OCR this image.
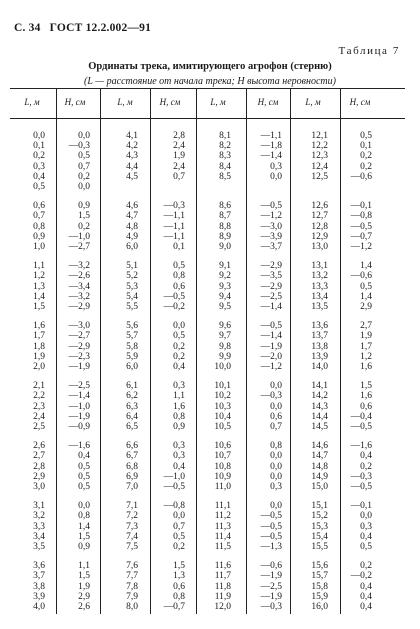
С. 34 ГОСТ 12.2.002—91
Таблица 7
Ординаты трека, имитирующего агрофон (стерню)
(L — расстояние от начала трека; H высота неровности)
L, м	H, см	L, м	H, см	L, м	H, см	L, м	H, см
0,0	0,0	4,1	2,8	8,1	—1,1	12,1	0,5
0,1	—0,3	4,2	2,4	8,2	—1,8	12,2	0,1
0,2	0,5	4,3	1,9	8,3	—1,4	12,3	0,2
0,3	0,7	4,4	2,4	8,4	0,3	12,4	0,2
0,4	0,2	4,5	0,7	8,5	0,0	12,5	—0,6
0,5	0,0
0,6	0,9	4,6	—0,3	8,6	—0,5	12,6	—0,1
0,7	1,5	4,7	—1,1	8,7	—1,2	12,7	—0,8
0,8	0,2	4,8	—1,1	8,8	—3,0	12,8	—0,5
0,9	—1,0	4,9	—1,1	8,9	—3,9	12,9	—0,7
1,0	—2,7	6,0	0,1	9,0	—3,7	13,0	—1,2
1,1	—3,2	5,1	0,5	9,1	—2,9	13,1	1,4
1,2	—2,6	5,2	0,8	9,2	—3,5	13,2	—0,6
1,3	—3,4	5,3	0,6	9,3	—2,9	13,3	0,5
1,4	—3,2	5,4	—0,5	9,4	—2,5	13,4	1,4
1,5	—2,9	5,5	—0,2	9,5	—1,4	13,5	2,9
1,6	—3,0	5,6	0,0	9,6	—0,5	13,6	2,7
1,7	—2,7	5,7	0,5	9,7	—1,4	13,7	1,9
1,8	—2,9	5,8	0,2	9,8	—1,9	13,8	1,7
1,9	—2,3	5,9	0,2	9,9	—2,0	13,9	1,2
2,0	—1,9	6,0	0,4	10,0	—1,2	14,0	1,6
2,1	—2,5	6,1	0,3	10,1	0,0	14,1	1,5
2,2	—1,4	6,2	1,1	10,2	—0,3	14,2	1,6
2,3	—1,0	6,3	1,6	10,3	0,0	14,3	0,6
2,4	—1,9	6,4	0,8	10,4	0,6	14,4	—0,4
2,5	—0,9	6,5	0,9	10,5	0,7	14,5	—0,5
2,6	—1,6	6,6	0,3	10,6	0,8	14,6	—1,6
2,7	0,4	6,7	0,3	10,7	0,0	14,7	0,4
2,8	0,5	6,8	0,4	10,8	0,0	14,8	0,2
2,9	0,5	6,9	—1,0	10,9	0,0	14,9	—0,3
3,0	0,5	7,0	—0,5	11,0	0,3	15,0	—0,5
3,1	0,0	7,1	—0,8	11,1	0,0	15,1	—0,1
3,2	0,8	7,2	0,0	11,2	—0,5	15,2	0,0
3,3	1,4	7,3	0,7	11,3	—0,5	15,3	0,3
3,4	1,5	7,4	0,5	11,4	—0,5	15,4	0,4
3,5	0,9	7,5	0,2	11,5	—1,3	15,5	0,5
3,6	1,1	7,6	1,5	11,6	—0,6	15,6	0,2
3,7	1,5	7,7	1,3	11,7	—1,9	15,7	—0,2
3,8	1,9	7,8	0,6	11,8	—2,5	15,8	0,4
3,9	2,9	7,9	0,8	11,9	—1,9	15,9	0,4
4,0	2,6	8,0	—0,7	12,0	—0,3	16,0	0,4
